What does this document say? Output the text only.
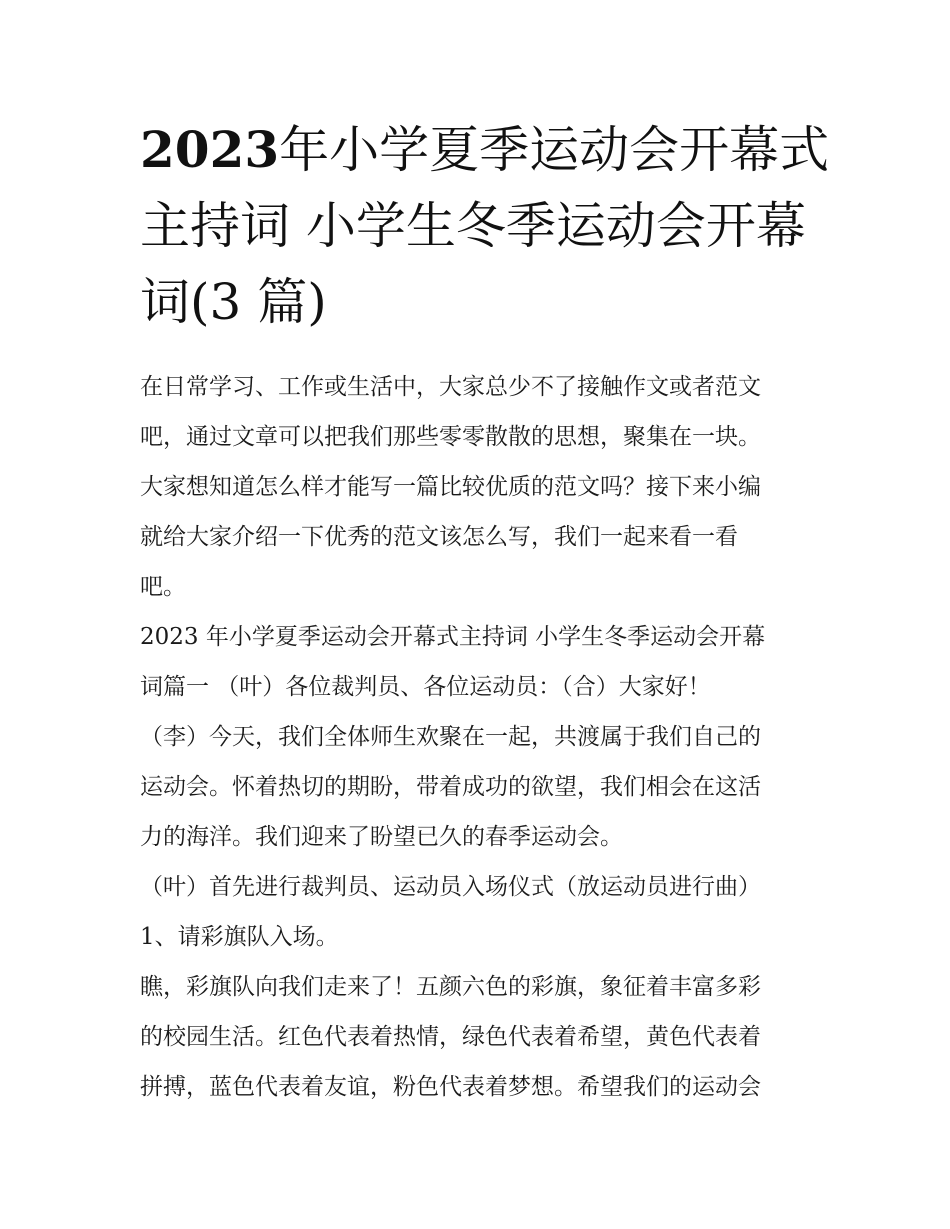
2023年小学夏季运动会开幕式
主持词 小学生冬季运动会开幕
词(3 篇)

在日常学习、工作或生活中，大家总少不了接触作文或者范文
吧，通过文章可以把我们那些零零散散的思想，聚集在一块。
大家想知道怎么样才能写一篇比较优质的范文吗？接下来小编
就给大家介绍一下优秀的范文该怎么写，我们一起来看一看
吧。

2023 年小学夏季运动会开幕式主持词 小学生冬季运动会开幕
词篇一 （叶）各位裁判员、各位运动员：（合）大家好！
（李）今天，我们全体师生欢聚在一起，共渡属于我们自己的
运动会。怀着热切的期盼，带着成功的欲望，我们相会在这活
力的海洋。我们迎来了盼望已久的春季运动会。

（叶）首先进行裁判员、运动员入场仪式（放运动员进行曲）

1、请彩旗队入场。

瞧，彩旗队向我们走来了！五颜六色的彩旗，象征着丰富多彩
的校园生活。红色代表着热情，绿色代表着希望，黄色代表着
拼搏，蓝色代表着友谊，粉色代表着梦想。希望我们的运动会
